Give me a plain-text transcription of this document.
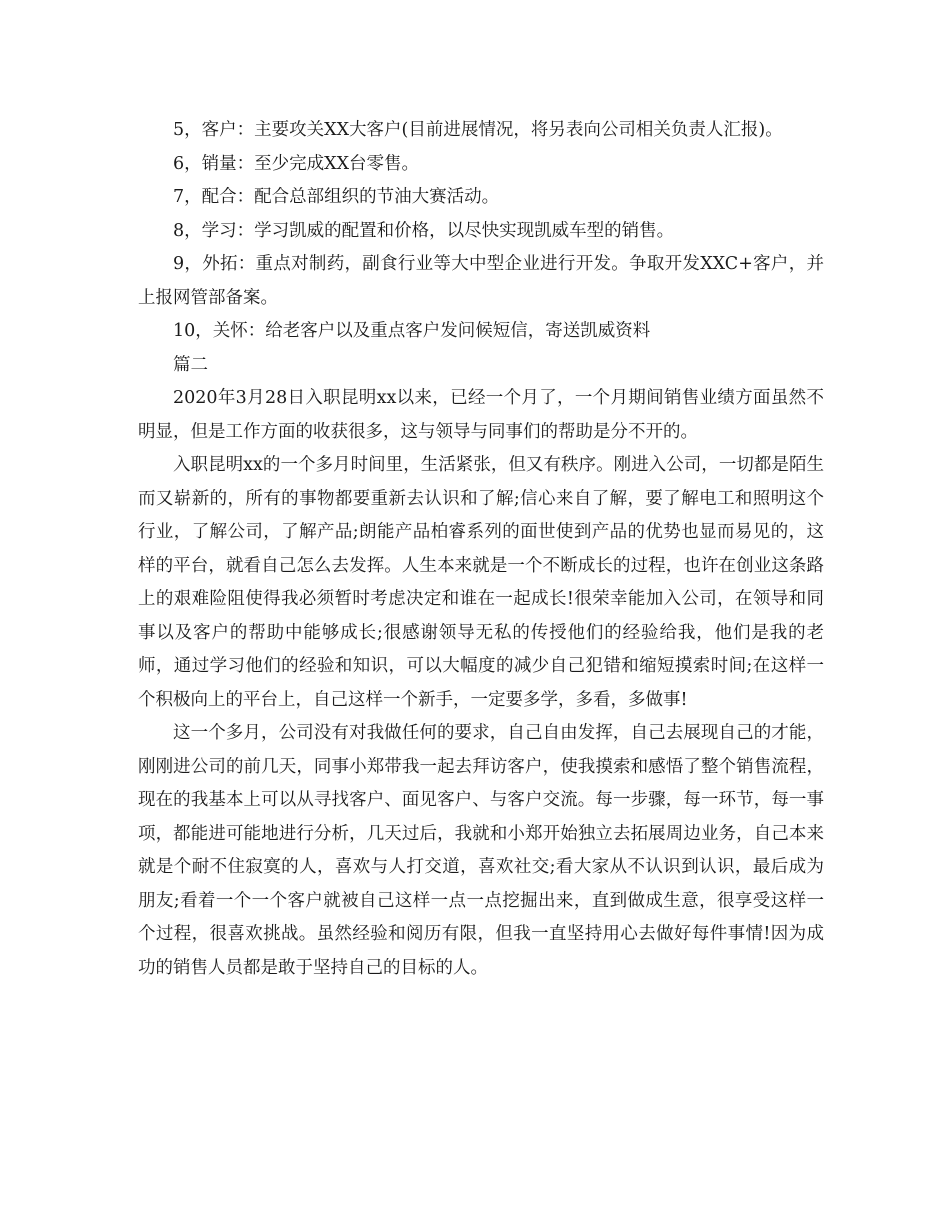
5，客户：主要攻关XX大客户(目前进展情况，将另表向公司相关负责人汇报)。

6，销量：至少完成XX台零售。

7，配合：配合总部组织的节油大赛活动。

8，学习：学习凯威的配置和价格，以尽快实现凯威车型的销售。

9，外拓：重点对制药，副食行业等大中型企业进行开发。争取开发XXC+客户，并上报网管部备案。

10，关怀：给老客户以及重点客户发问候短信，寄送凯威资料

篇二

2020年3月28日入职昆明xx以来，已经一个月了，一个月期间销售业绩方面虽然不明显，但是工作方面的收获很多，这与领导与同事们的帮助是分不开的。

入职昆明xx的一个多月时间里，生活紧张，但又有秩序。刚进入公司，一切都是陌生而又崭新的，所有的事物都要重新去认识和了解;信心来自了解，要了解电工和照明这个行业，了解公司，了解产品;朗能产品柏睿系列的面世使到产品的优势也显而易见的，这样的平台，就看自己怎么去发挥。人生本来就是一个不断成长的过程，也许在创业这条路上的艰难险阻使得我必须暂时考虑决定和谁在一起成长!很荣幸能加入公司，在领导和同事以及客户的帮助中能够成长;很感谢领导无私的传授他们的经验给我，他们是我的老师，通过学习他们的经验和知识，可以大幅度的减少自己犯错和缩短摸索时间;在这样一个积极向上的平台上，自己这样一个新手，一定要多学，多看，多做事!

这一个多月，公司没有对我做任何的要求，自己自由发挥，自己去展现自己的才能，刚刚进公司的前几天，同事小郑带我一起去拜访客户，使我摸索和感悟了整个销售流程，现在的我基本上可以从寻找客户、面见客户、与客户交流。每一步骤，每一环节，每一事项，都能进可能地进行分析，几天过后，我就和小郑开始独立去拓展周边业务，自己本来就是个耐不住寂寞的人，喜欢与人打交道，喜欢社交;看大家从不认识到认识，最后成为朋友;看着一个一个客户就被自己这样一点一点挖掘出来，直到做成生意，很享受这样一个过程，很喜欢挑战。虽然经验和阅历有限，但我一直坚持用心去做好每件事情!因为成功的销售人员都是敢于坚持自己的目标的人。
